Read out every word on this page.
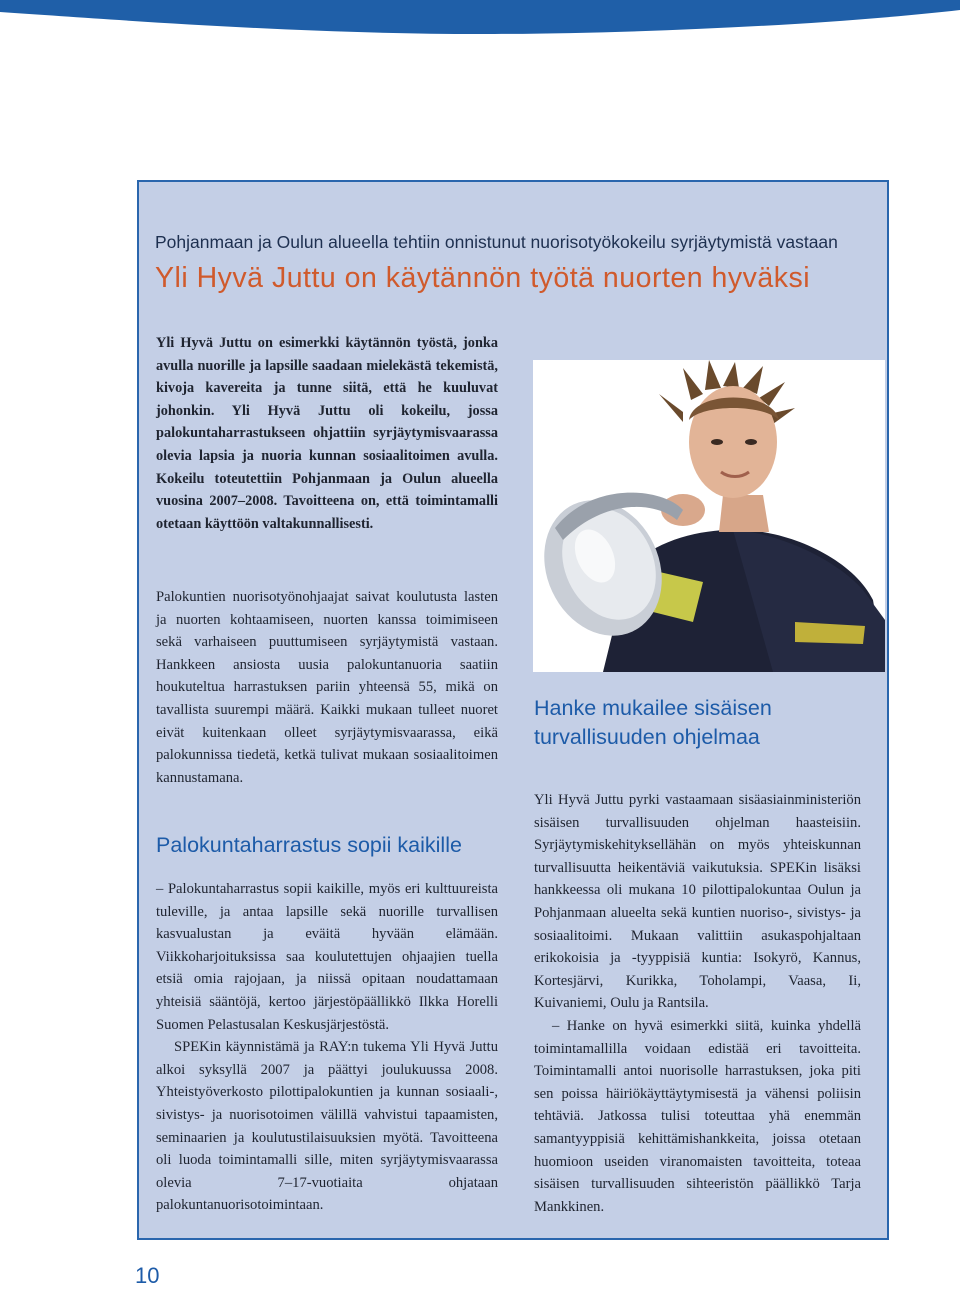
Pohjanmaan ja Oulun alueella tehtiin onnistunut nuorisotyökokeilu syrjäytymistä vastaan
Yli Hyvä Juttu on käytännön työtä nuorten hyväksi

Yli Hyvä Juttu on esimerkki käytännön työstä, jonka avulla nuorille ja lapsille saadaan mielekästä tekemistä, kivoja kavereita ja tunne siitä, että he kuuluvat johonkin. Yli Hyvä Juttu oli kokeilu, jossa palokuntaharrastukseen ohjattiin syrjäytymisvaarassa olevia lapsia ja nuoria kunnan sosiaalitoimen avulla. Kokeilu toteutettiin Pohjanmaan ja Oulun alueella vuosina 2007–2008. Tavoitteena on, että toimintamalli otetaan käyttöön valtakunnallisesti.

Palokuntien nuorisotyönohjaajat saivat koulutusta lasten ja nuorten kohtaamiseen, nuorten kanssa toimimiseen sekä varhaiseen puuttumiseen syrjäytymistä vastaan. Hankkeen ansiosta uusia palokuntanuoria saatiin houkuteltua harrastuksen pariin yhteensä 55, mikä on tavallista suurempi määrä. Kaikki mukaan tulleet nuoret eivät kuitenkaan olleet syrjäytymisvaarassa, eikä palokunnissa tiedetä, ketkä tulivat mukaan sosiaalitoimen kannustamana.

Palokuntaharrastus sopii kaikille

– Palokuntaharrastus sopii kaikille, myös eri kulttuureista tuleville, ja antaa lapsille sekä nuorille turvallisen kasvualustan ja eväitä hyvään elämään. Viikkoharjoituksissa saa koulutettujen ohjaajien tuella etsiä omia rajojaan, ja niissä opitaan noudattamaan yhteisiä sääntöjä, kertoo järjestöpäällikkö Ilkka Horelli Suomen Pelastusalan Keskusjärjestöstä.

SPEKin käynnistämä ja RAY:n tukema Yli Hyvä Juttu alkoi syksyllä 2007 ja päättyi joulukuussa 2008. Yhteistyöverkosto pilottipalokuntien ja kunnan sosiaali-, sivistys- ja nuorisotoimen välillä vahvistui tapaamisten, seminaarien ja koulutustilaisuuksien myötä. Tavoitteena oli luoda toimintamalli sille, miten syrjäytymisvaarassa olevia 7–17-vuotiaita ohjataan palokuntanuorisotoimintaan.

Hanke mukailee sisäisen turvallisuuden ohjelmaa

Yli Hyvä Juttu pyrki vastaamaan sisäasiainministeriön sisäisen turvallisuuden ohjelman haasteisiin. Syrjäytymiskehityksellähän on myös yhteiskunnan turvallisuutta heikentäviä vaikutuksia. SPEKin lisäksi hankkeessa oli mukana 10 pilottipalokuntaa Oulun ja Pohjanmaan alueelta sekä kuntien nuoriso-, sivistys- ja sosiaalitoimi. Mukaan valittiin asukaspohjaltaan erikokoisia ja -tyyppisiä kuntia: Isokyrö, Kannus, Kortesjärvi, Kurikka, Toholampi, Vaasa, Ii, Kuivaniemi, Oulu ja Rantsila.

– Hanke on hyvä esimerkki siitä, kuinka yhdellä toimintamallilla voidaan edistää eri tavoitteita. Toimintamalli antoi nuorisolle harrastuksen, joka piti sen poissa häiriökäyttäytymisestä ja vähensi poliisin tehtäviä. Jatkossa tulisi toteuttaa yhä enemmän samantyyppisiä kehittämishankkeita, joissa otetaan huomioon useiden viranomaisten tavoitteita, toteaa sisäisen turvallisuuden sihteeristön päällikkö Tarja Mankkinen.

10
